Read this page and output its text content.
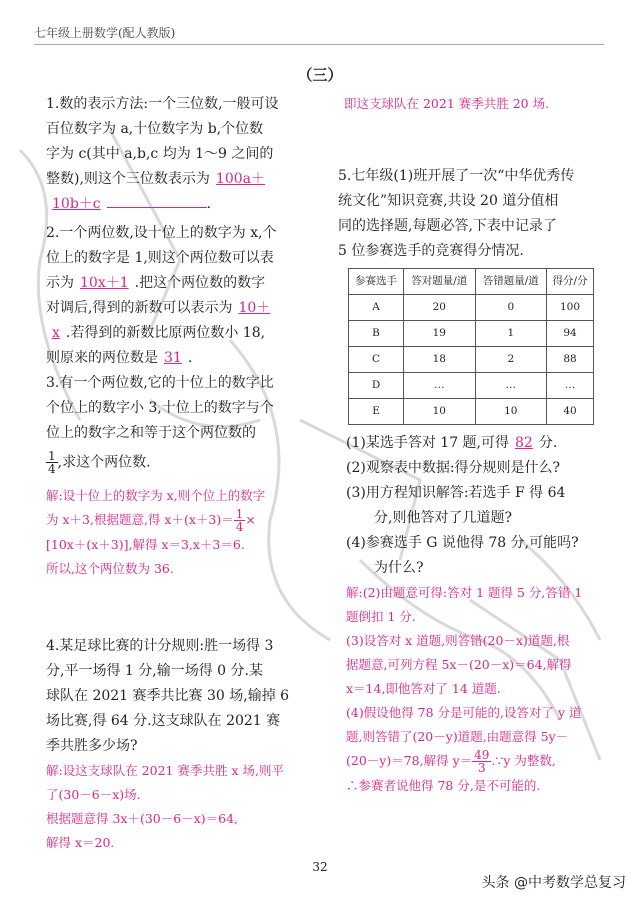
七年级上册数学(配人教版)
（三）

1.数的表示方法:一个三位数,一般可设

百位数字为 a,十位数字为 b,个位数

字为 c(其中 a,b,c 均为 1～9 之间的

整数),则这个三位数表示为 100a＋

10b＋c	.

2.一个两位数,设十位上的数字为 x,个

位上的数字是 1,则这个两位数可以表

示为 10x＋1 .把这个两位数的数字

对调后,得到的新数可以表示为 10＋

x .若得到的新数比原两位数小 18,

则原来的两位数是 31 .

3.有一个两位数,它的十位上的数字比

个位上的数字小 3,十位上的数字与个

位上的数字之和等于这个两位数的

$\frac{1}{4}$ ,求这个两位数.

解:设十位上的数字为 x,则个位上的数字

为 x＋3,根据题意,得 $x+(x+3)= \frac{1}{4}$ ×

[10x＋(x＋3)],解得 x＝3,x＋3＝6.

所以,这个两位数为 36.

4.某足球比赛的计分规则:胜一场得 3

分,平一场得 1 分,输一场得 0 分.某

球队在 2021 赛季共比赛 30 场,输掉 6

场比赛,得 64 分.这支球队在 2021 赛

季共胜多少场?

解:设这支球队在 2021 赛季共胜 x 场,则平

了(30－6－x)场.

根据题意得 3x＋(30－6－x)＝64,

解得 x＝20.

即这支球队在 2021 赛季共胜 20 场.

5.七年级(1)班开展了一次“中华优秀传

统文化”知识竞赛,共设 20 道分值相

同的选择题,每题必答,下表中记录了

5 位参赛选手的竞赛得分情况.

参赛选手	答对题量/道	答错题量/道	得分/分
A	20	0	100
B	19	1	94
C	18	2	88
D	…	…	…
E	10	10	40

(1)某选手答对 17 题,可得 82 分.

(2)观察表中数据:得分规则是什么?

(3)用方程知识解答:若选手 F 得 64

分,则他答对了几道题?

(4)参赛选手 G 说他得 78 分,可能吗?

为什么?

解:(2)由题意可得:答对 1 题得 5 分,答错 1

题倒扣 1 分.

(3)设答对 x 道题,则答错(20－x)道题,根

据题意,可列方程 5x－(20－x)＝64,解得

x＝14,即他答对了 14 道题.

(4)假设他得 78 分是可能的,设答对了 y 道

题,则答错了(20－y)道题,由题意得 5y－

(20－y)＝78,解得 $y= \frac{49}{3}$ .∵y 为整数,

∴参赛者说他得 78 分,是不可能的.

32
头条 @中考数学总复习
